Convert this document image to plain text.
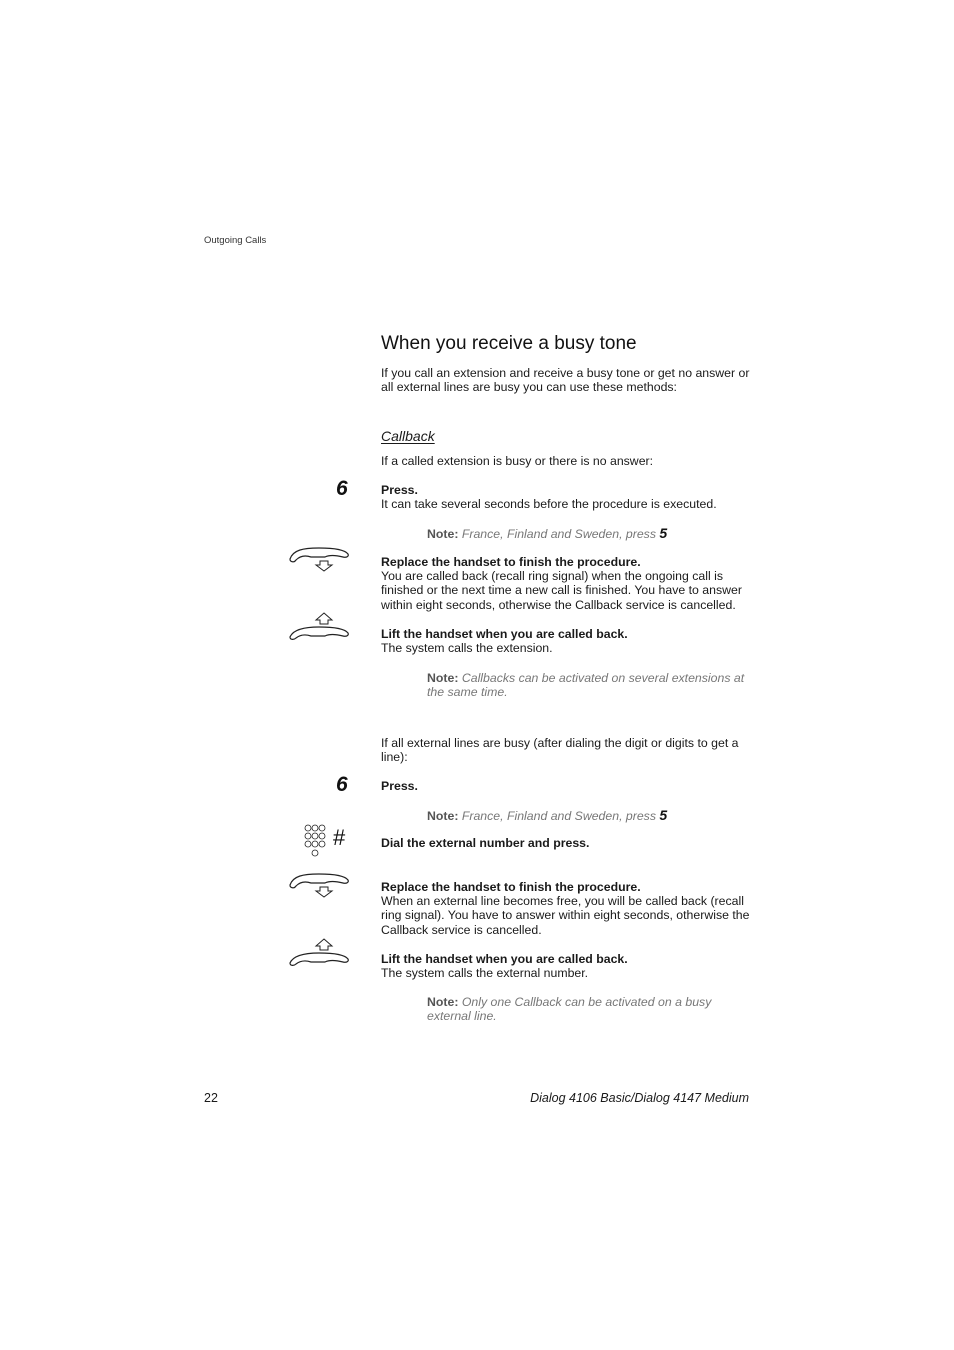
Outgoing Calls
When you receive a busy tone
If you call an extension and receive a busy tone or get no answer or all external lines are busy you can use these methods:
Callback
If a called extension is busy or there is no answer:
6	Press.
It can take several seconds before the procedure is executed.
Note: France, Finland and Sweden, press 5
Replace the handset to finish the procedure.
You are called back (recall ring signal) when the ongoing call is finished or the next time a new call is finished. You have to answer within eight seconds, otherwise the Callback service is cancelled.
Lift the handset when you are called back.
The system calls the extension.
Note: Callbacks can be activated on several extensions at the same time.
If all external lines are busy (after dialing the digit or digits to get a line):
6	Press.
Note: France, Finland and Sweden, press 5
#	Dial the external number and press.
Replace the handset to finish the procedure.
When an external line becomes free, you will be called back (recall ring signal). You have to answer within eight seconds, otherwise the Callback service is cancelled.
Lift the handset when you are called back.
The system calls the external number.
Note: Only one Callback can be activated on a busy external line.
22	Dialog 4106 Basic/Dialog 4147 Medium
